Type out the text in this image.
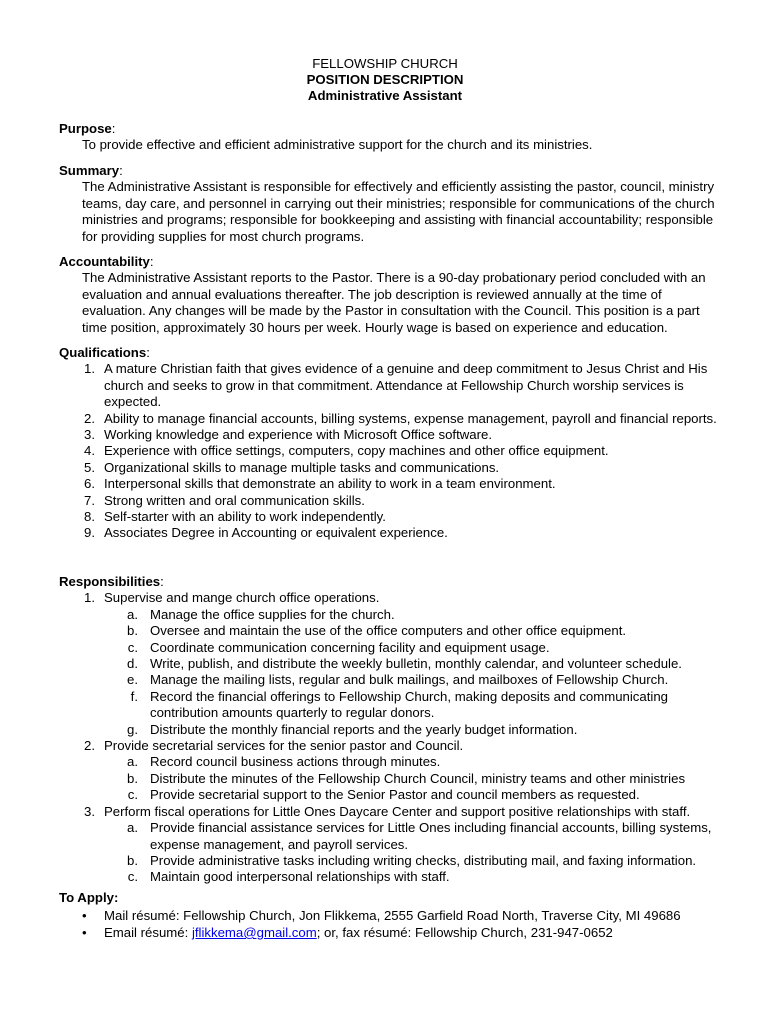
FELLOWSHIP CHURCH
POSITION DESCRIPTION
Administrative Assistant
Purpose:
To provide effective and efficient administrative support for the church and its ministries.
Summary:
The Administrative Assistant is responsible for effectively and efficiently assisting the pastor, council, ministry teams, day care, and personnel in carrying out their ministries; responsible for communications of the church ministries and programs; responsible for bookkeeping and assisting with financial accountability; responsible for providing supplies for most church programs.
Accountability:
The Administrative Assistant reports to the Pastor. There is a 90-day probationary period concluded with an evaluation and annual evaluations thereafter. The job description is reviewed annually at the time of evaluation. Any changes will be made by the Pastor in consultation with the Council. This position is a part time position, approximately 30 hours per week. Hourly wage is based on experience and education.
Qualifications:
1. A mature Christian faith that gives evidence of a genuine and deep commitment to Jesus Christ and His church and seeks to grow in that commitment. Attendance at Fellowship Church worship services is expected.
2. Ability to manage financial accounts, billing systems, expense management, payroll and financial reports.
3. Working knowledge and experience with Microsoft Office software.
4. Experience with office settings, computers, copy machines and other office equipment.
5. Organizational skills to manage multiple tasks and communications.
6. Interpersonal skills that demonstrate an ability to work in a team environment.
7. Strong written and oral communication skills.
8. Self-starter with an ability to work independently.
9. Associates Degree in Accounting or equivalent experience.
Responsibilities:
1. Supervise and mange church office operations.
a. Manage the office supplies for the church.
b. Oversee and maintain the use of the office computers and other office equipment.
c. Coordinate communication concerning facility and equipment usage.
d. Write, publish, and distribute the weekly bulletin, monthly calendar, and volunteer schedule.
e. Manage the mailing lists, regular and bulk mailings, and mailboxes of Fellowship Church.
f. Record the financial offerings to Fellowship Church, making deposits and communicating contribution amounts quarterly to regular donors.
g. Distribute the monthly financial reports and the yearly budget information.
2. Provide secretarial services for the senior pastor and Council.
a. Record council business actions through minutes.
b. Distribute the minutes of the Fellowship Church Council, ministry teams and other ministries
c. Provide secretarial support to the Senior Pastor and council members as requested.
3. Perform fiscal operations for Little Ones Daycare Center and support positive relationships with staff.
a. Provide financial assistance services for Little Ones including financial accounts, billing systems, expense management, and payroll services.
b. Provide administrative tasks including writing checks, distributing mail, and faxing information.
c. Maintain good interpersonal relationships with staff.
To Apply:
• Mail résumé: Fellowship Church, Jon Flikkema, 2555 Garfield Road North, Traverse City, MI 49686
• Email résumé: jflikkema@gmail.com; or, fax résumé: Fellowship Church, 231-947-0652
